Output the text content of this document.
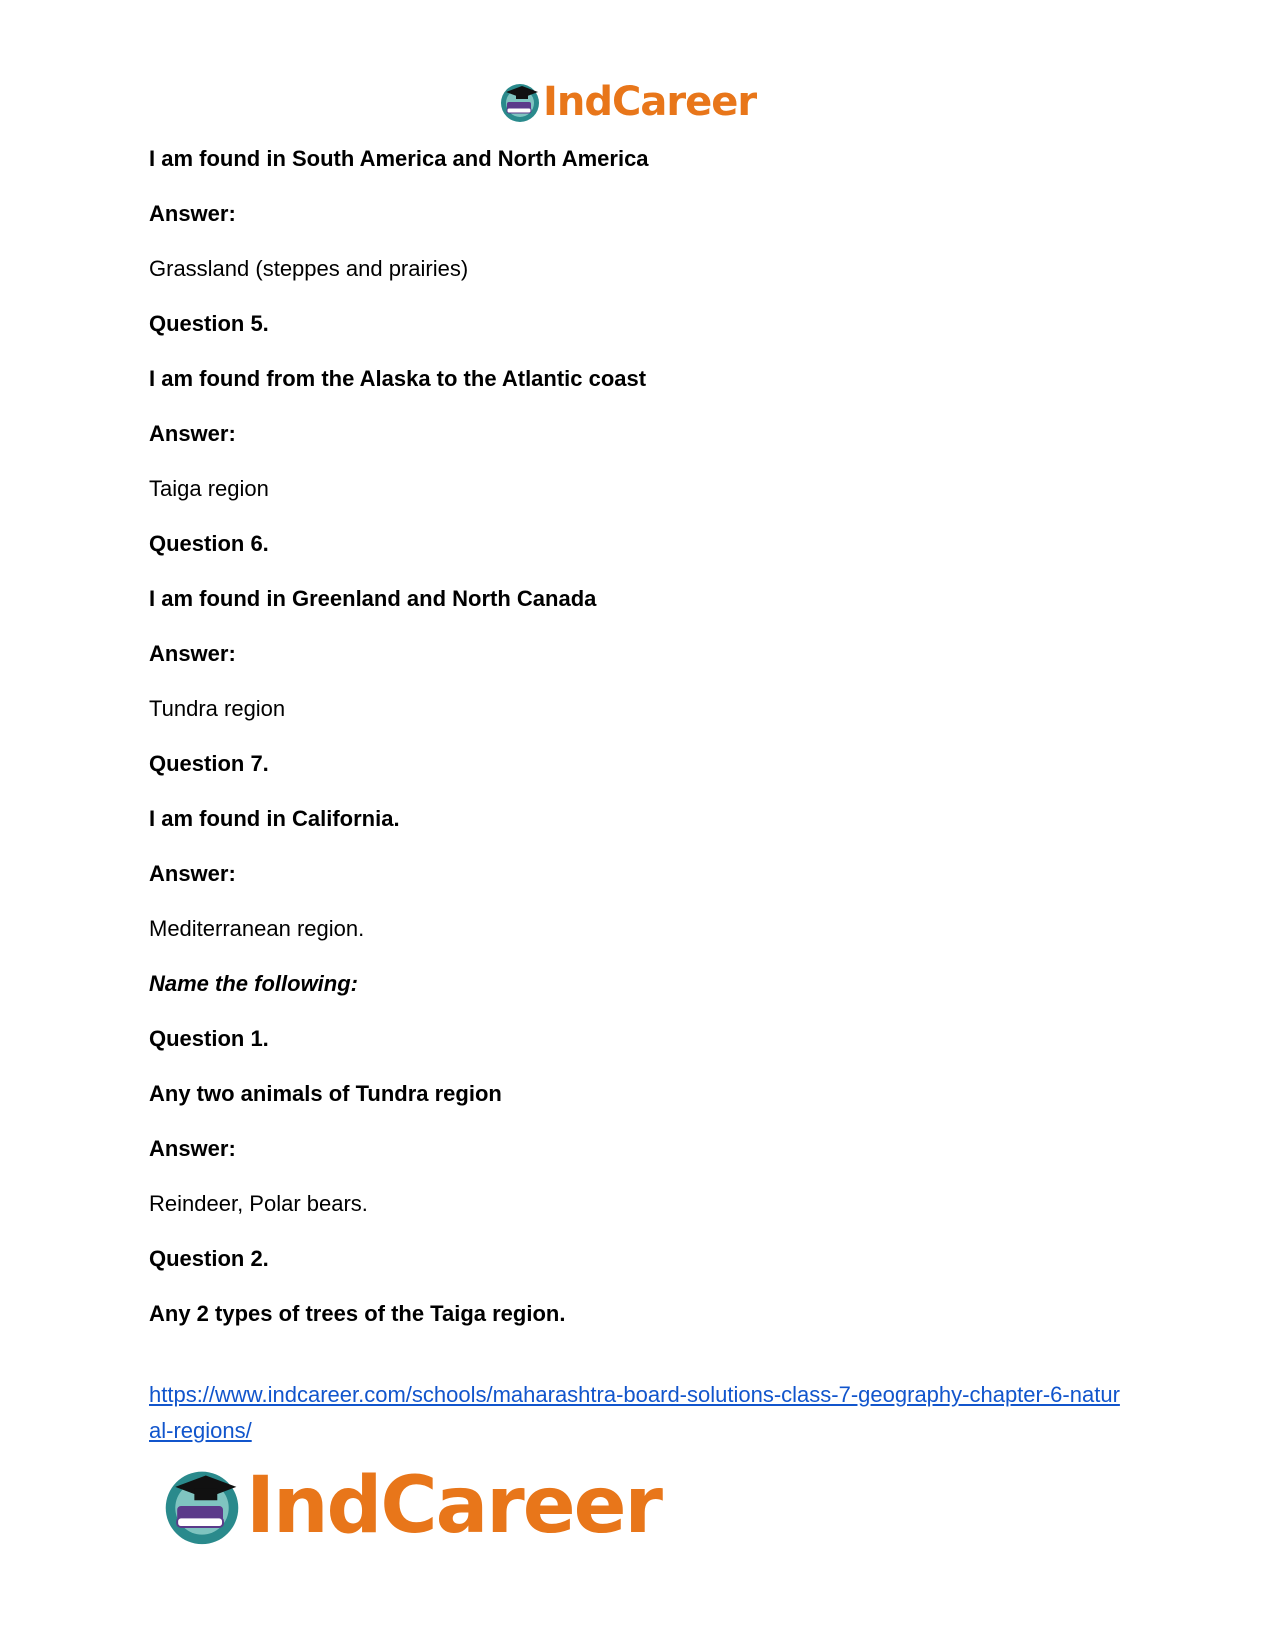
IndCareer
I am found in South America and North America
Answer:
Grassland (steppes and prairies)
Question 5.
I am found from the Alaska to the Atlantic coast
Answer:
Taiga region
Question 6.
I am found in Greenland and North Canada
Answer:
Tundra region
Question 7.
I am found in California.
Answer:
Mediterranean region.
Name the following:
Question 1.
Any two animals of Tundra region
Answer:
Reindeer, Polar bears.
Question 2.
Any 2 types of trees of the Taiga region.
https://www.indcareer.com/schools/maharashtra-board-solutions-class-7-geography-chapter-6-natural-regions/
IndCareer
